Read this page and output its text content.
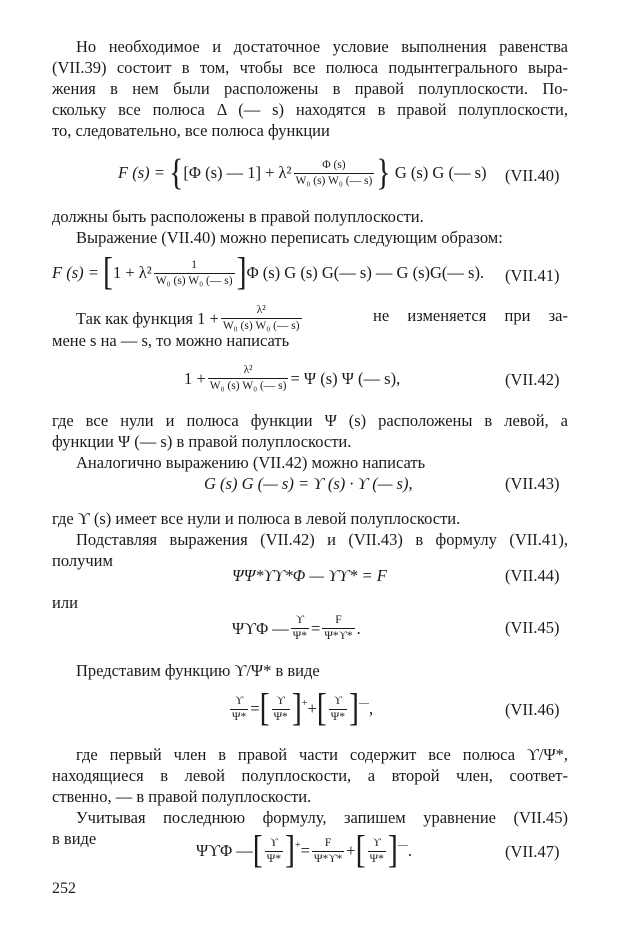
Но необходимое и достаточное условие выполнения равенства
(VII.39) состоит в том, чтобы все полюса подынтегрального выра-
жения в нем были расположены в правой полуплоскости. По-
скольку все полюса Δ (— s) находятся в правой полуплоскости,
то, следовательно, все полюса функции
F (s) =
{ [Φ (s) — $1] + \lambda^2 \frac{\Phi (s)}{\text{W₀ (s) W₀ (— s)}}$ }
G (s) G (— s) (VII.40)
должны быть расположены в правой полуплоскости.
Выражение (VII.40) можно переписать следующим образом:
F (s) =
[ $1 + \lambda^2 \frac{1}{\text{W₀ (s) W₀ (— s)}}$ ] Φ (s) G (s) G(— s) — G (s)G(— s). (VII.41)
Так как функция
$1 + \frac{\text{λ²}}{\text{W₀ (s) W₀ (— s)}}$	не изменяется при за-
мене s на — s, то можно написать
$1 + \frac{\text{λ²}}{\text{W₀ (s) W₀ (— s)}} = \Psi$ (s) Ψ (— s),	(VII.42)
где все нули и полюса функции Ψ (s) расположены в левой, а
функции Ψ (— s) в правой полуплоскости.
Аналогично выражению (VII.42) можно написать
G (s) G (— s) = ϒ (s) · ϒ (— s),	(VII.43)
где ϒ (s) имеет все нули и полюса в левой полуплоскости.
Подставляя выражения (VII.42) и (VII.43) в формулу (VII.41),
получим
ΨΨ*ϒϒ*Φ — ϒϒ* = F	(VII.44)
или
ΨϒΦ — $\frac{ϒ}{\Psi*} = \frac{F}{\Psi*ϒ*}$ .	(VII.45)
Представим функцию ϒ/Ψ* в виде
$\frac{ϒ}{\Psi*}$ = [ $\frac{ϒ}{\Psi*} ]^+$ + [ $\frac{ϒ}{\Psi*} ]^—$ ,	(VII.46)
где первый член в правой части содержит все полюса ϒ/Ψ*,
находящиеся в левой полуплоскости, а второй член, соответ-
ственно, — в правой полуплоскости.
Учитывая последнюю формулу, запишем уравнение (VII.45)
в виде
ΨϒΦ — [ $\frac{ϒ}{\Psi*} ]^+ = \frac{F}{\Psi*ϒ*}$ + [ $\frac{ϒ}{\Psi*} ]^—$ .	(VII.47)
252
